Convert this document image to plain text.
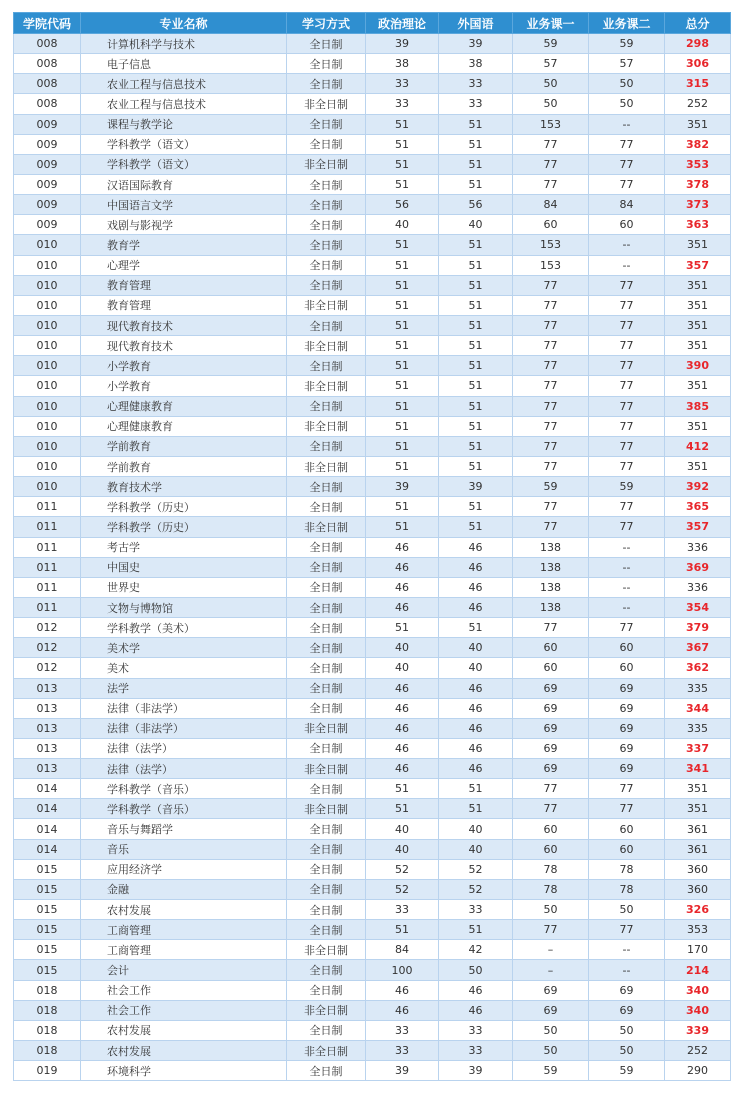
学院代码	专业名称	学习方式	政治理论	外国语	业务课一	业务课二	总分
008	计算机科学与技术	全日制	39	39	59	59	298
008	电子信息	全日制	38	38	57	57	306
008	农业工程与信息技术	全日制	33	33	50	50	315
008	农业工程与信息技术	非全日制	33	33	50	50	252
009	课程与教学论	全日制	51	51	153	--	351
009	学科教学（语文）	全日制	51	51	77	77	382
009	学科教学（语文）	非全日制	51	51	77	77	353
009	汉语国际教育	全日制	51	51	77	77	378
009	中国语言文学	全日制	56	56	84	84	373
009	戏剧与影视学	全日制	40	40	60	60	363
010	教育学	全日制	51	51	153	--	351
010	心理学	全日制	51	51	153	--	357
010	教育管理	全日制	51	51	77	77	351
010	教育管理	非全日制	51	51	77	77	351
010	现代教育技术	全日制	51	51	77	77	351
010	现代教育技术	非全日制	51	51	77	77	351
010	小学教育	全日制	51	51	77	77	390
010	小学教育	非全日制	51	51	77	77	351
010	心理健康教育	全日制	51	51	77	77	385
010	心理健康教育	非全日制	51	51	77	77	351
010	学前教育	全日制	51	51	77	77	412
010	学前教育	非全日制	51	51	77	77	351
010	教育技术学	全日制	39	39	59	59	392
011	学科教学（历史）	全日制	51	51	77	77	365
011	学科教学（历史）	非全日制	51	51	77	77	357
011	考古学	全日制	46	46	138	--	336
011	中国史	全日制	46	46	138	--	369
011	世界史	全日制	46	46	138	--	336
011	文物与博物馆	全日制	46	46	138	--	354
012	学科教学（美术）	全日制	51	51	77	77	379
012	美术学	全日制	40	40	60	60	367
012	美术	全日制	40	40	60	60	362
013	法学	全日制	46	46	69	69	335
013	法律（非法学）	全日制	46	46	69	69	344
013	法律（非法学）	非全日制	46	46	69	69	335
013	法律（法学）	全日制	46	46	69	69	337
013	法律（法学）	非全日制	46	46	69	69	341
014	学科教学（音乐）	全日制	51	51	77	77	351
014	学科教学（音乐）	非全日制	51	51	77	77	351
014	音乐与舞蹈学	全日制	40	40	60	60	361
014	音乐	全日制	40	40	60	60	361
015	应用经济学	全日制	52	52	78	78	360
015	金融	全日制	52	52	78	78	360
015	农村发展	全日制	33	33	50	50	326
015	工商管理	全日制	51	51	77	77	353
015	工商管理	非全日制	84	42	–	--	170
015	会计	全日制	100	50	–	--	214
018	社会工作	全日制	46	46	69	69	340
018	社会工作	非全日制	46	46	69	69	340
018	农村发展	全日制	33	33	50	50	339
018	农村发展	非全日制	33	33	50	50	252
019	环境科学	全日制	39	39	59	59	290
